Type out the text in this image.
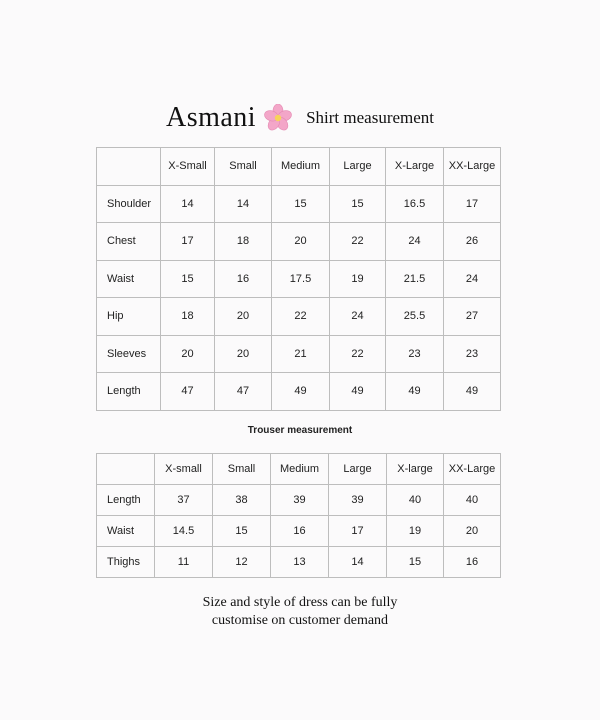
Asmani	Shirt measurement
	X-Small	Small	Medium	Large	X-Large	XX-Large
Shoulder	14	14	15	15	16.5	17
Chest	17	18	20	22	24	26
Waist	15	16	17.5	19	21.5	24
Hip	18	20	22	24	25.5	27
Sleeves	20	20	21	22	23	23
Length	47	47	49	49	49	49
Trouser measurement
	X-small	Small	Medium	Large	X-large	XX-Large
Length	37	38	39	39	40	40
Waist	14.5	15	16	17	19	20
Thighs	11	12	13	14	15	16
Size and style of dress can be fully
customise on customer demand
